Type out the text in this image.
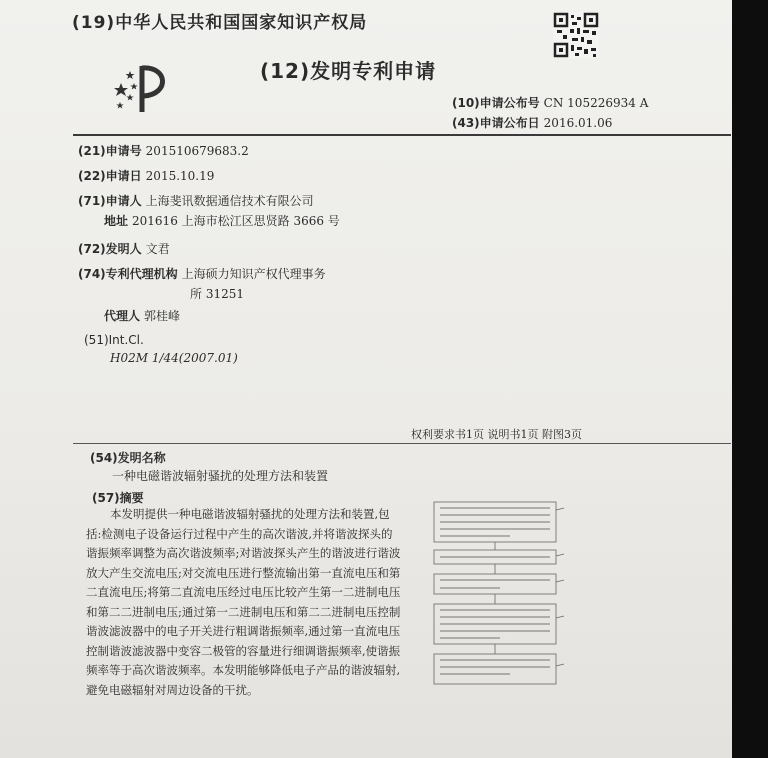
(19)中华人民共和国国家知识产权局
(12)发明专利申请
(10)申请公布号 CN 105226934 A
(43)申请公布日 2016.01.06
(21)申请号 201510679683.2
(22)申请日 2015.10.19
(71)申请人 上海斐讯数据通信技术有限公司
地址 201616 上海市松江区思贤路 3666 号
(72)发明人 文君
(74)专利代理机构 上海硕力知识产权代理事务
所 31251
代理人 郭桂峰
(51)Int.Cl.
H02M 1/44(2007.01)
权利要求书1页 说明书1页 附图3页
(54)发明名称
一种电磁谐波辐射骚扰的处理方法和装置
(57)摘要
本发明提供一种电磁谐波辐射骚扰的处理方法和装置,包括:检测电子设备运行过程中产生的高次谐波,并将谐波探头的谐振频率调整为高次谐波频率;对谐波探头产生的谐波进行谐波放大产生交流电压;对交流电压进行整流输出第一直流电压和第二直流电压;将第二直流电压经过电压比较产生第一二进制电压和第二二进制电压;通过第一二进制电压和第二二进制电压控制谐波滤波器中的电子开关进行粗调谐振频率,通过第一直流电压控制谐波滤波器中变容二极管的容量进行细调谐振频率,使谐振频率等于高次谐波频率。本发明能够降低电子产品的谐波辐射,避免电磁辐射对周边设备的干扰。
